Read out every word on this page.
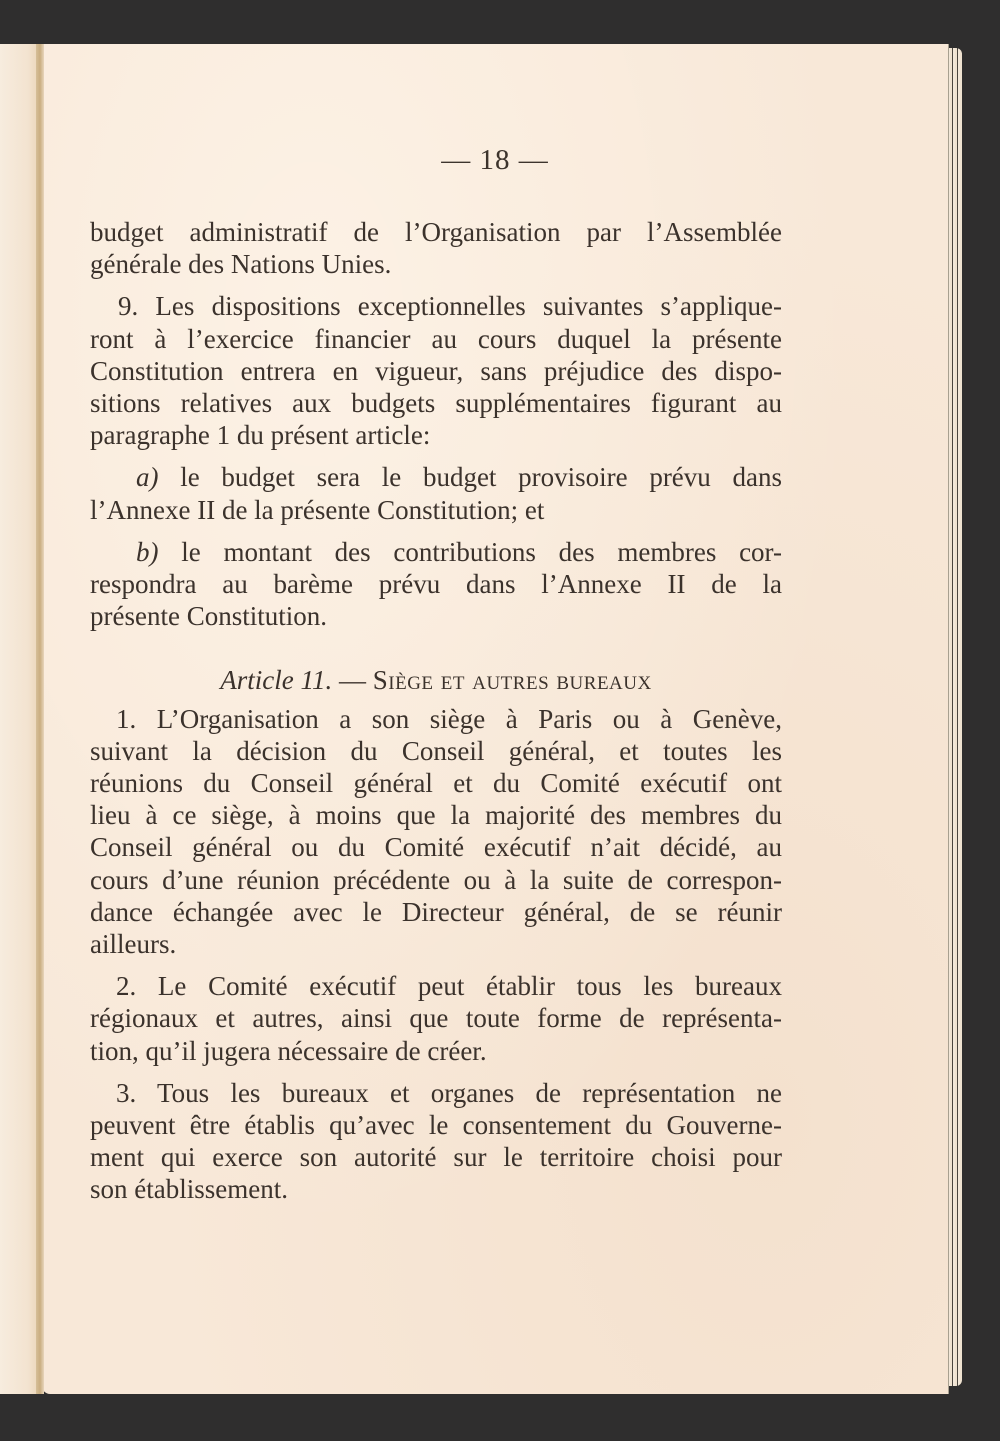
— 18 —

budget administratif de l’Organisation par l’Assemblée
générale des Nations Unies.

9. Les dispositions exceptionnelles suivantes s’applique-
ront à l’exercice financier au cours duquel la présente
Constitution entrera en vigueur, sans préjudice des dispo-
sitions relatives aux budgets supplémentaires figurant au
paragraphe 1 du présent article:

a) le budget sera le budget provisoire prévu dans
l’Annexe II de la présente Constitution; et

b) le montant des contributions des membres cor-
respondra au barème prévu dans l’Annexe II de la
présente Constitution.

Article 11. — Siège et autres bureaux

1. L’Organisation a son siège à Paris ou à Genève,
suivant la décision du Conseil général, et toutes les
réunions du Conseil général et du Comité exécutif ont
lieu à ce siège, à moins que la majorité des membres du
Conseil général ou du Comité exécutif n’ait décidé, au
cours d’une réunion précédente ou à la suite de correspon-
dance échangée avec le Directeur général, de se réunir
ailleurs.

2. Le Comité exécutif peut établir tous les bureaux
régionaux et autres, ainsi que toute forme de représenta-
tion, qu’il jugera nécessaire de créer.

3. Tous les bureaux et organes de représentation ne
peuvent être établis qu’avec le consentement du Gouverne-
ment qui exerce son autorité sur le territoire choisi pour
son établissement.
